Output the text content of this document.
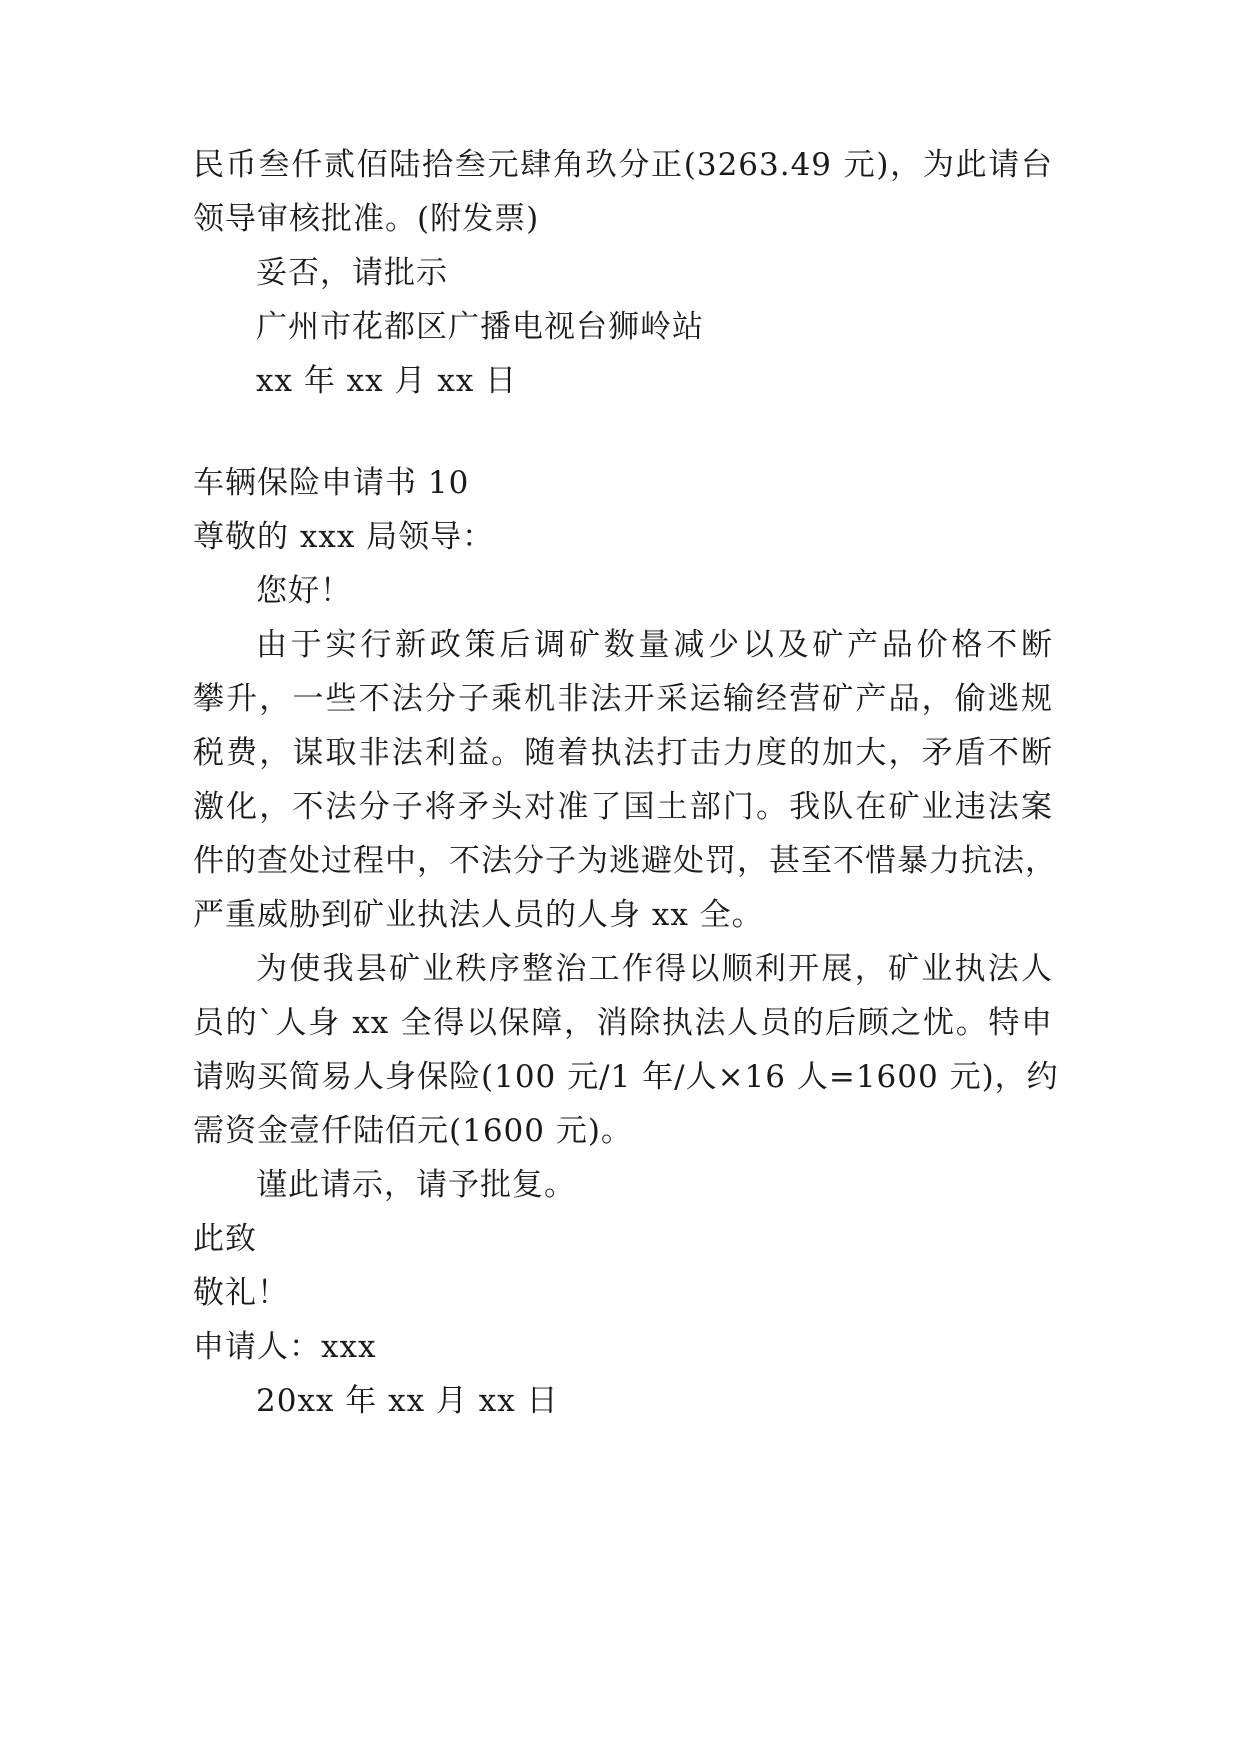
民币叁仟贰佰陆拾叁元肆角玖分正(3263.49 元)，为此请台
领导审核批准。(附发票)
妥否，请批示
广州市花都区广播电视台狮岭站
xx 年 xx 月 xx 日
车辆保险申请书 10
尊敬的 xxx 局领导：
您好！
由于实行新政策后调矿数量减少以及矿产品价格不断
攀升，一些不法分子乘机非法开采运输经营矿产品，偷逃规
税费，谋取非法利益。随着执法打击力度的加大，矛盾不断
激化，不法分子将矛头对准了国土部门。我队在矿业违法案
件的查处过程中，不法分子为逃避处罚，甚至不惜暴力抗法，
严重威胁到矿业执法人员的人身 xx 全。
为使我县矿业秩序整治工作得以顺利开展，矿业执法人
员的`人身 xx 全得以保障，消除执法人员的后顾之忧。特申
请购买简易人身保险(100 元/1 年/人×16 人=1600 元)，约
需资金壹仟陆佰元(1600 元)。
谨此请示，请予批复。
此致
敬礼！
申请人：xxx
20xx 年 xx 月 xx 日
